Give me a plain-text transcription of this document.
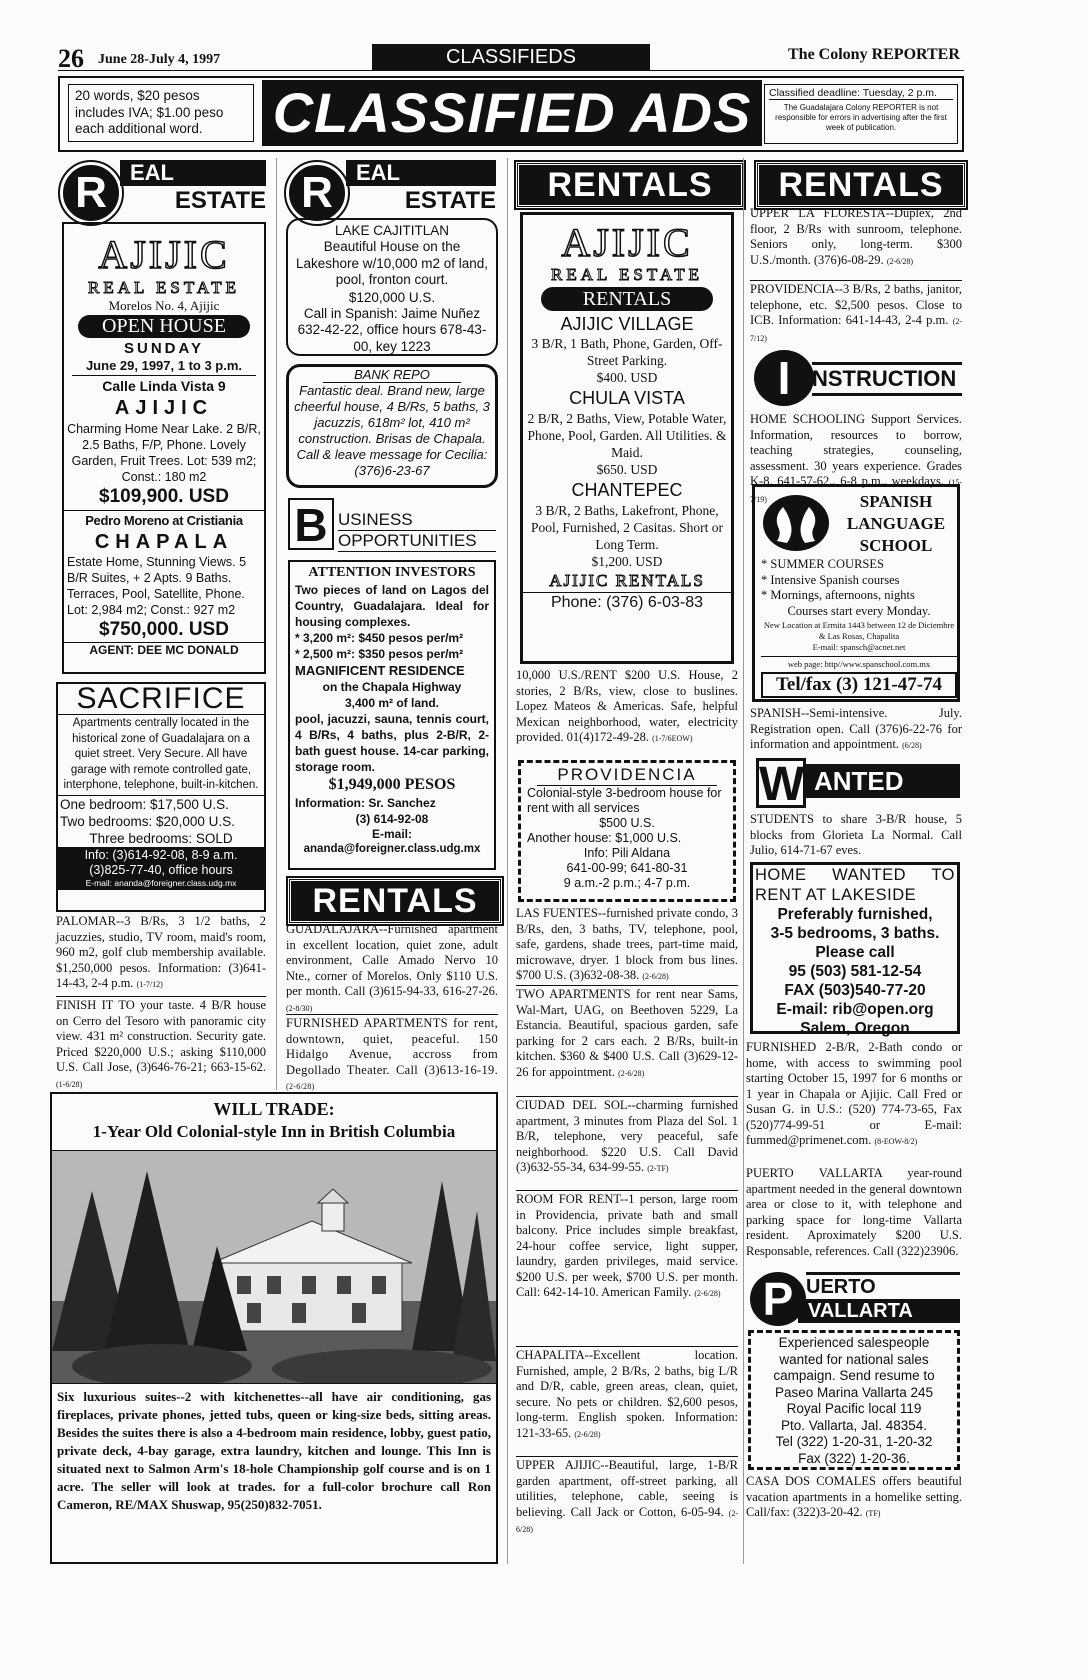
26 June 28-July 4, 1997	CLASSIFIEDS	The Colony REPORTER
20 words, $20 pesos includes IVA; $1.00 peso each additional word.	CLASSIFIED ADS	Classified deadline: Tuesday, 2 p.m.
The Guadalajara Colony REPORTER is not responsible for errors in advertising after the first week of publication.
R	EAL
ESTATE
AJIJIC
REAL ESTATE
Morelos No. 4, Ajijic
OPEN HOUSE
SUNDAY
June 29, 1997, 1 to 3 p.m.
Calle Linda Vista 9
AJIJIC
Charming Home Near Lake. 2 B/R, 2.5 Baths, F/P, Phone. Lovely Garden, Fruit Trees. Lot: 539 m2; Const.: 180 m2
$109,900. USD
Pedro Moreno at Cristiania
CHAPALA
Estate Home, Stunning Views. 5 B/R Suites, + 2 Apts. 9 Baths. Terraces, Pool, Satellite, Phone. Lot: 2,984 m2; Const.: 927 m2
$750,000. USD
AGENT: DEE MC DONALD
SACRIFICE
Apartments centrally located in the historical zone of Guadalajara on a quiet street. Very Secure. All have garage with remote controlled gate, interphone, telephone, built-in-kitchen.
One bedroom: $17,500 U.S.
Two bedrooms: $20,000 U.S.
Three bedrooms: SOLD
Info: (3)614-92-08, 8-9 a.m.
(3)825-77-40, office hours
E-mail: ananda@foreigner.class.udg.mx
PALOMAR--3 B/Rs, 3 1/2 baths, 2 jacuzzies, studio, TV room, maid's room, 960 m2, golf club membership available. $1,250,000 pesos. Information: (3)641-14-43, 2-4 p.m. (1-7/12)
FINISH IT TO your taste. 4 B/R house on Cerro del Tesoro with panoramic city view. 431 m² construction. Security gate. Priced $220,000 U.S.; asking $110,000 U.S. Call Jose, (3)646-76-21; 663-15-62. (1-6/28)
R	EAL
ESTATE
LAKE CAJITITLAN
Beautiful House on the Lakeshore w/10,000 m2 of land, pool, fronton court.
$120,000 U.S.
Call in Spanish: Jaime Nuñez 632-42-22, office hours 678-43-00, key 1223
BANK REPO
Fantastic deal. Brand new, large cheerful house, 4 B/Rs, 5 baths, 3 jacuzzis, 618m² lot, 410 m² construction. Brisas de Chapala. Call & leave message for Cecilia: (376)6-23-67
B USINESS
OPPORTUNITIES
ATTENTION INVESTORS
Two pieces of land on Lagos del Country, Guadalajara. Ideal for housing complexes.
* 3,200 m²: $450 pesos per/m²
* 2,500 m²: $350 pesos per/m²
MAGNIFICENT RESIDENCE
on the Chapala Highway
3,400 m² of land.
pool, jacuzzi, sauna, tennis court, 4 B/Rs, 4 baths, plus 2-B/R, 2-bath guest house. 14-car parking, storage room.
$1,949,000 PESOS
Information: Sr. Sanchez
(3) 614-92-08
E-mail:
ananda@foreigner.class.udg.mx
RENTALS
GUADALAJARA--Furnished apartment in excellent location, quiet zone, adult environment, Calle Amado Nervo 10 Nte., corner of Morelos. Only $110 U.S. per month. Call (3)615-94-33, 616-27-26. (2-8/30)
FURNISHED APARTMENTS for rent, downtown, quiet, peaceful. 150 Hidalgo Avenue, accross from Degollado Theater. Call (3)613-16-19. (2-6/28)
WILL TRADE:
1-Year Old Colonial-style Inn in British Columbia
Six luxurious suites--2 with kitchenettes--all have air conditioning, gas fireplaces, private phones, jetted tubs, queen or king-size beds, sitting areas. Besides the suites there is also a 4-bedroom main residence, lobby, guest patio, private deck, 4-bay garage, extra laundry, kitchen and lounge. This Inn is situated next to Salmon Arm's 18-hole Championship golf course and is on 1 acre. The seller will look at trades. for a full-color brochure call Ron Cameron, RE/MAX Shuswap, 95(250)832-7051.
RENTALS
AJIJIC
REAL ESTATE
RENTALS
AJIJIC VILLAGE
3 B/R, 1 Bath, Phone, Garden, Off-Street Parking.
$400. USD
CHULA VISTA
2 B/R, 2 Baths, View, Potable Water, Phone, Pool, Garden. All Utilities. & Maid.
$650. USD
CHANTEPEC
3 B/R, 2 Baths, Lakefront, Phone, Pool, Furnished, 2 Casitas. Short or Long Term.
$1,200. USD
AJIJIC RENTALS
Phone: (376) 6-03-83
10,000 U.S./RENT $200 U.S. House, 2 stories, 2 B/Rs, view, close to buslines. Lopez Mateos & Americas. Safe, helpful Mexican neighborhood, water, electricity provided. 01(4)172-49-28. (1-7/6EOW)
PROVIDENCIA
Colonial-style 3-bedroom house for rent with all services
$500 U.S.
Another house: $1,000 U.S.
Info: Pili Aldana
641-00-99; 641-80-31
9 a.m.-2 p.m.; 4-7 p.m.
LAS FUENTES--furnished private condo, 3 B/Rs, den, 3 baths, TV, telephone, pool, safe, gardens, shade trees, part-time maid, microwave, dryer. 1 block from bus lines. $700 U.S. (3)632-08-38. (2-6/28)
TWO APARTMENTS for rent near Sams, Wal-Mart, UAG, on Beethoven 5229, La Estancia. Beautiful, spacious garden, safe parking for 2 cars each. 2 B/Rs, built-in kitchen. $360 & $400 U.S. Call (3)629-12-26 for appointment. (2-6/28)
CIUDAD DEL SOL--charming furnished apartment, 3 minutes from Plaza del Sol. 1 B/R, telephone, very peaceful, safe neighborhood. $220 U.S. Call David (3)632-55-34, 634-99-55. (2-TF)
ROOM FOR RENT--1 person, large room in Providencia, private bath and small balcony. Price includes simple breakfast, 24-hour coffee service, light supper, laundry, garden privileges, maid service. $200 U.S. per week, $700 U.S. per month. Call: 642-14-10. American Family. (2-6/28)
CHAPALITA--Excellent location. Furnished, ample, 2 B/Rs, 2 baths, big L/R and D/R, cable, green areas, clean, quiet, secure. No pets or children. $2,600 pesos, long-term. English spoken. Information: 121-33-65. (2-6/28)
UPPER AJIJIC--Beautiful, large, 1-B/R garden apartment, off-street parking, all utilities, telephone, cable, seeing is believing. Call Jack or Cotton, 6-05-94. (2-6/28)
RENTALS
UPPER LA FLORESTA--Duplex, 2nd floor, 2 B/Rs with sunroom, telephone. Seniors only, long-term. $300 U.S./month. (376)6-08-29. (2-6/28)
PROVIDENCIA--3 B/Rs, 2 baths, janitor, telephone, etc. $2,500 pesos. Close to ICB. Information: 641-14-43, 2-4 p.m. (2-7/12)
I NSTRUCTION
HOME SCHOOLING Support Services. Information, resources to borrow, teaching strategies, counseling, assessment. 30 years experience. Grades K-8. 641-57-62., 6-8 p.m., weekdays. (15-7/19)	SPANISH
LANGUAGE
SCHOOL
* SUMMER COURSES
* Intensive Spanish courses
* Mornings, afternoons, nights
Courses start every Monday.
New Location at Ermita 1443 between 12 de Diciembre & Las Rosas, Chapalita
E-mail: spansch@acnet.net
web page: http//www.spanschool.com.mx
Tel/fax (3) 121-47-74
SPANISH--Semi-intensive. July. Registration open. Call (376)6-22-76 for information and appointment. (6/28)
W ANTED
STUDENTS to share 3-B/R house, 5 blocks from Glorieta La Normal. Call Julio, 614-71-67 eves.
HOME WANTED TO RENT AT LAKESIDE
Preferably furnished,
3-5 bedrooms, 3 baths.
Please call
95 (503) 581-12-54
FAX (503)540-77-20
E-mail: rib@open.org
Salem, Oregon
FURNISHED 2-B/R, 2-Bath condo or home, with access to swimming pool starting October 15, 1997 for 6 months or 1 year in Chapala or Ajijic. Call Fred or Susan G. in U.S.: (520) 774-73-65, Fax (520)774-99-51 or E-mail: fummed@primenet.com. (8-EOW-8/2)
PUERTO VALLARTA year-round apartment needed in the general downtown area or close to it, with telephone and parking space for long-time Vallarta resident. Aproximately $200 U.S. Responsable, references. Call (322)23906.
P UERTO
VALLARTA
Experienced salespeople wanted for national sales campaign. Send resume to
Paseo Marina Vallarta 245
Royal Pacific local 119
Pto. Vallarta, Jal. 48354.
Tel (322) 1-20-31, 1-20-32
Fax (322) 1-20-36.
CASA DOS COMALES offers beautiful vacation apartments in a homelike setting. Call/fax: (322)3-20-42. (TF)
